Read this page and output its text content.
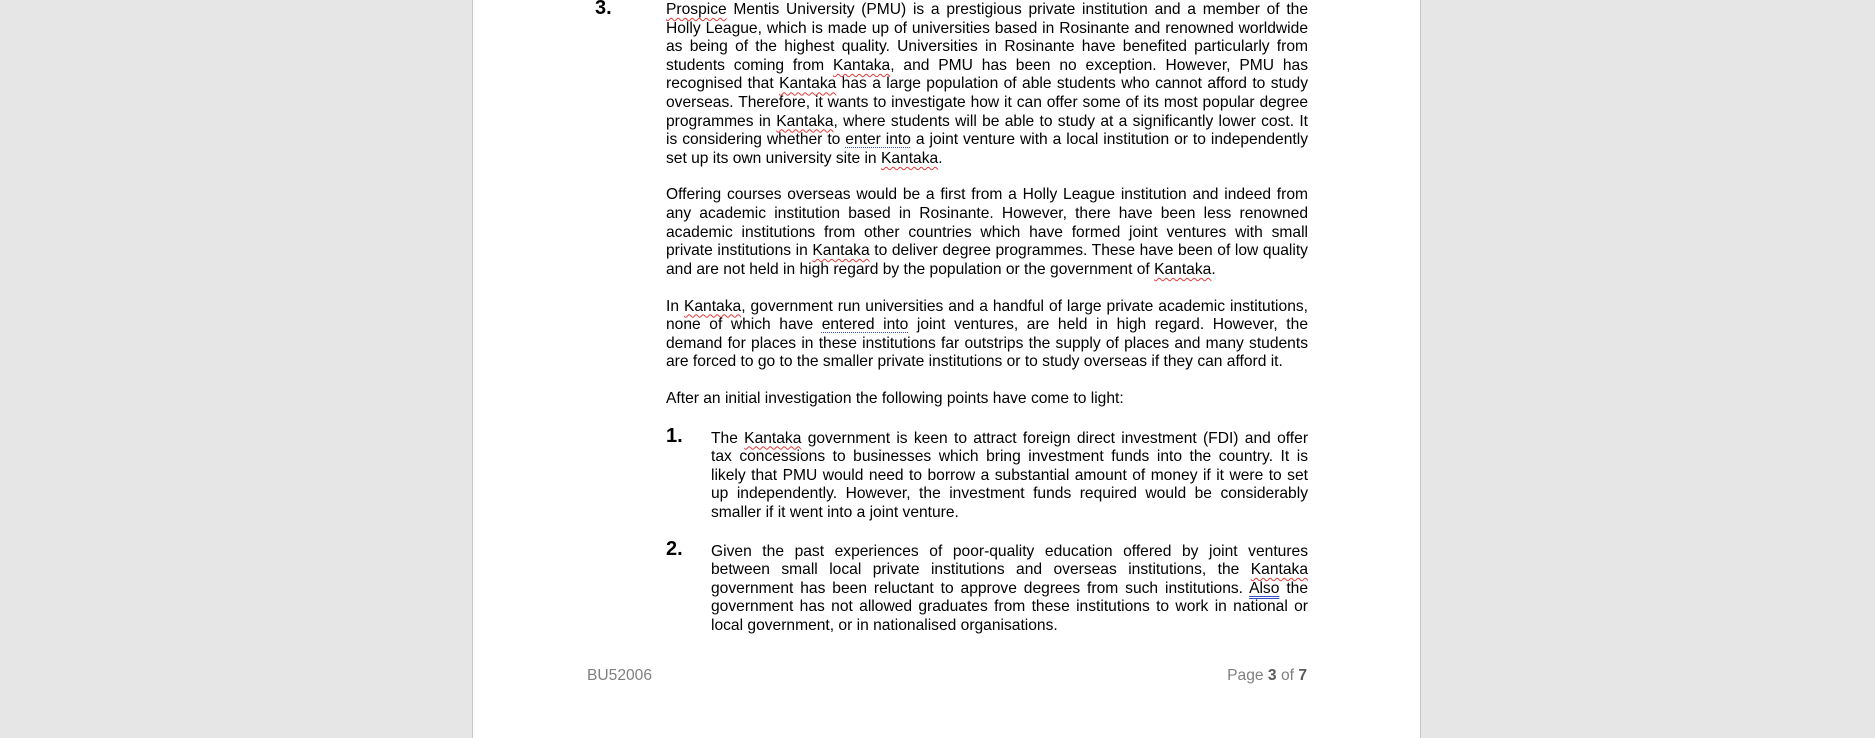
3.	Prospice Mentis University (PMU) is a prestigious private institution and a member of the Holly League, which is made up of universities based in Rosinante and renowned worldwide as being of the highest quality. Universities in Rosinante have benefited particularly from students coming from Kantaka, and PMU has been no exception. However, PMU has recognised that Kantaka has a large population of able students who cannot afford to study overseas. Therefore, it wants to investigate how it can offer some of its most popular degree programmes in Kantaka, where students will be able to study at a significantly lower cost. It is considering whether to enter into a joint venture with a local institution or to independently set up its own university site in Kantaka.

Offering courses overseas would be a first from a Holly League institution and indeed from any academic institution based in Rosinante. However, there have been less renowned academic institutions from other countries which have formed joint ventures with small private institutions in Kantaka to deliver degree programmes. These have been of low quality and are not held in high regard by the population or the government of Kantaka.

In Kantaka, government run universities and a handful of large private academic institutions, none of which have entered into joint ventures, are held in high regard. However, the demand for places in these institutions far outstrips the supply of places and many students are forced to go to the smaller private institutions or to study overseas if they can afford it.

After an initial investigation the following points have come to light:

1. The Kantaka government is keen to attract foreign direct investment (FDI) and offer tax concessions to businesses which bring investment funds into the country. It is likely that PMU would need to borrow a substantial amount of money if it were to set up independently. However, the investment funds required would be considerably smaller if it went into a joint venture.

2. Given the past experiences of poor-quality education offered by joint ventures between small local private institutions and overseas institutions, the Kantaka government has been reluctant to approve degrees from such institutions. Also the government has not allowed graduates from these institutions to work in national or local government, or in nationalised organisations.

BU52006	Page 3 of 7
